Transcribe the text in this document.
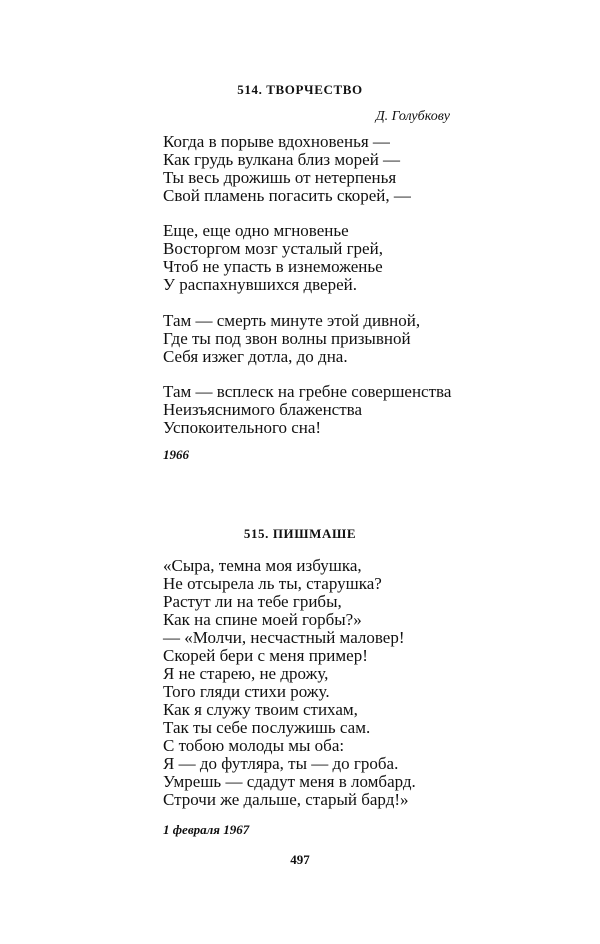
514. ТВОРЧЕСТВО
Д. Голубкову
Когда в порыве вдохновенья —
Как грудь вулкана близ морей —
Ты весь дрожишь от нетерпенья
Свой пламень погасить скорей, —
Еще, еще одно мгновенье
Восторгом мозг усталый грей,
Чтоб не упасть в изнеможенье
У распахнувшихся дверей.
Там — смерть минуте этой дивной,
Где ты под звон волны призывной
Себя изжег дотла, до дна.
Там — всплеск на гребне совершенства
Неизъяснимого блаженства
Успокоительного сна!
1966
515. ПИШМАШЕ
«Сыра, темна моя избушка,
Не отсырела ль ты, старушка?
Растут ли на тебе грибы,
Как на спине моей горбы?»
— «Молчи, несчастный маловер!
Скорей бери с меня пример!
Я не старею, не дрожу,
Того гляди стихи рожу.
Как я служу твоим стихам,
Так ты себе послужишь сам.
С тобою молоды мы оба:
Я — до футляра, ты — до гроба.
Умрешь — сдадут меня в ломбард.
Строчи же дальше, старый бард!»
1 февраля 1967
497
